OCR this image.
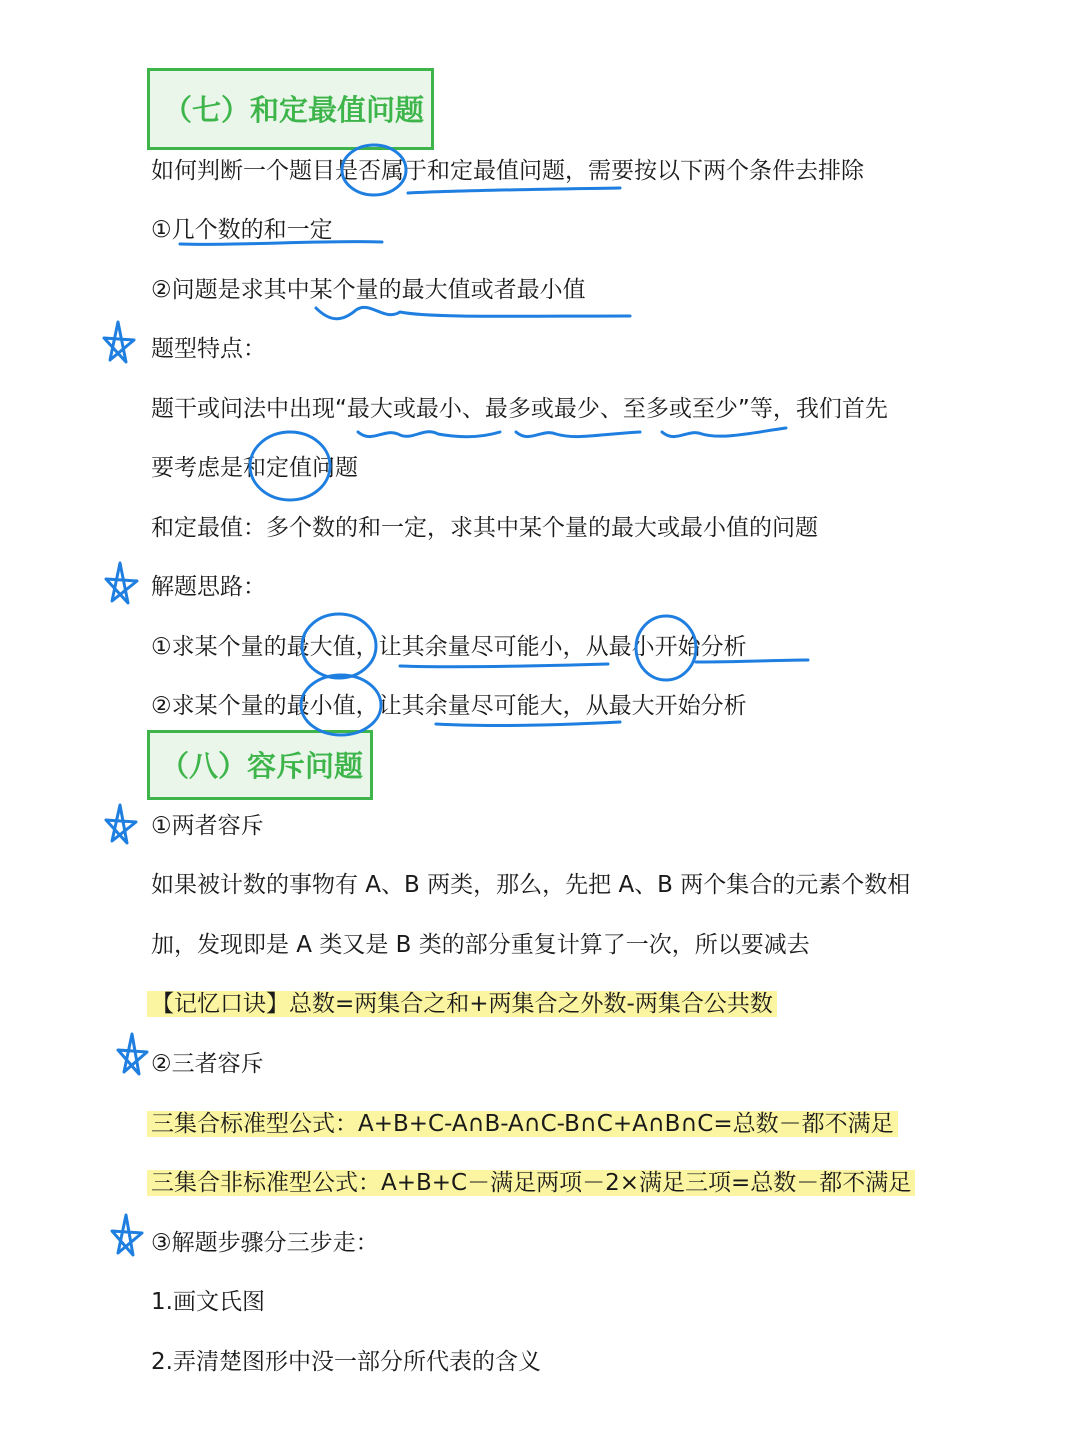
（七）和定最值问题
如何判断一个题目是否属于和定最值问题，需要按以下两个条件去排除
①几个数的和一定
②问题是求其中某个量的最大值或者最小值
题型特点：
题干或问法中出现“最大或最小、最多或最少、至多或至少”等，我们首先
要考虑是和定值问题
和定最值：多个数的和一定，求其中某个量的最大或最小值的问题
解题思路：
①求某个量的最大值，让其余量尽可能小，从最小开始分析
②求某个量的最小值，让其余量尽可能大，从最大开始分析
（八）容斥问题
①两者容斥
如果被计数的事物有 A、B 两类，那么，先把 A、B 两个集合的元素个数相
加，发现即是 A 类又是 B 类的部分重复计算了一次，所以要减去
【记忆口诀】总数=两集合之和+两集合之外数-两集合公共数
②三者容斥
三集合标准型公式：A+B+C-A∩B-A∩C-B∩C+A∩B∩C=总数－都不满足
三集合非标准型公式：A+B+C－满足两项－2×满足三项=总数－都不满足
③解题步骤分三步走：
1.画文氏图
2.弄清楚图形中没一部分所代表的含义
